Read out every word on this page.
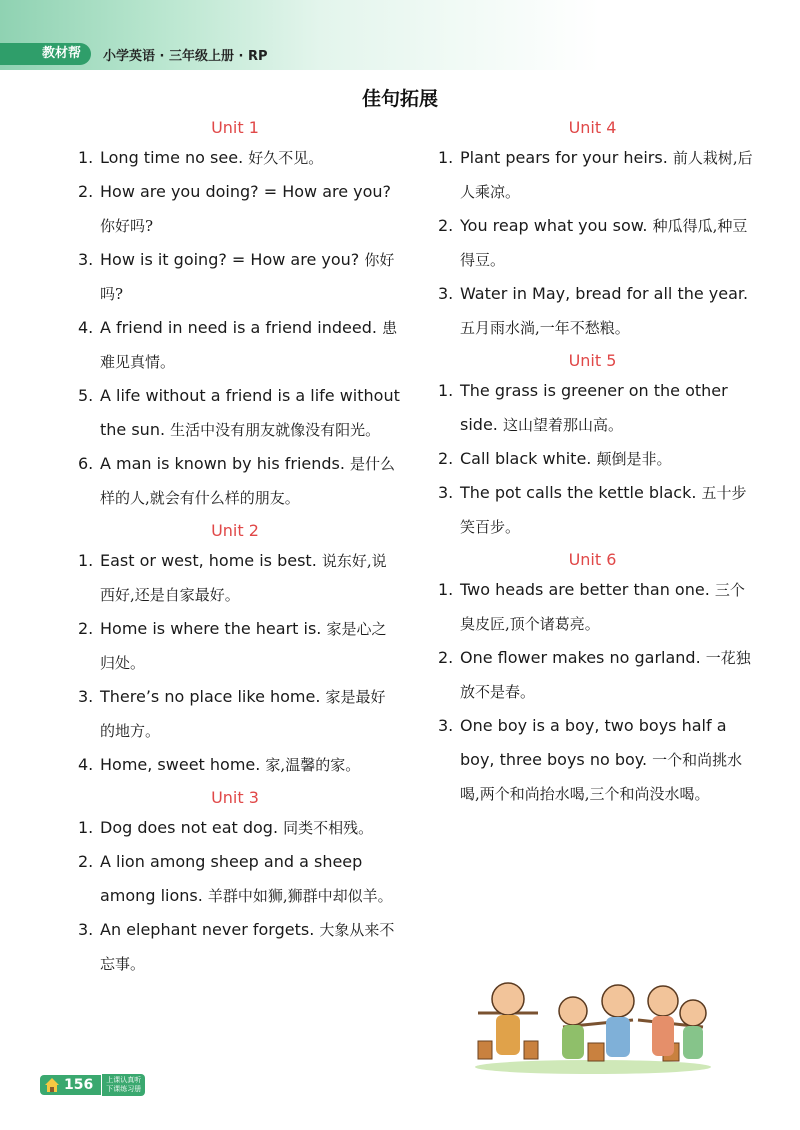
教材帮	小学英语 · 三年级上册 · RP
佳句拓展
Unit 1
1. Long time no see. 好久不见。
2. How are you doing? = How are you? 你好吗?
3. How is it going? = How are you? 你好吗?
4. A friend in need is a friend indeed. 患难见真情。
5. A life without a friend is a life without the sun. 生活中没有朋友就像没有阳光。
6. A man is known by his friends. 是什么样的人,就会有什么样的朋友。
Unit 2
1. East or west, home is best. 说东好,说西好,还是自家最好。
2. Home is where the heart is. 家是心之归处。
3. There’s no place like home. 家是最好的地方。
4. Home, sweet home. 家,温馨的家。
Unit 3
1. Dog does not eat dog. 同类不相残。
2. A lion among sheep and a sheep among lions. 羊群中如狮,狮群中却似羊。
3. An elephant never forgets. 大象从来不忘事。
Unit 4
1. Plant pears for your heirs. 前人栽树,后人乘凉。
2. You reap what you sow. 种瓜得瓜,种豆得豆。
3. Water in May, bread for all the year. 五月雨水淌,一年不愁粮。
Unit 5
1. The grass is greener on the other side. 这山望着那山高。
2. Call black white. 颠倒是非。
3. The pot calls the kettle black. 五十步笑百步。
Unit 6
1. Two heads are better than one. 三个臭皮匠,顶个诸葛亮。
2. One flower makes no garland. 一花独放不是春。
3. One boy is a boy, two boys half a boy, three boys no boy. 一个和尚挑水喝,两个和尚抬水喝,三个和尚没水喝。
156	上课认真听
下课练习册
